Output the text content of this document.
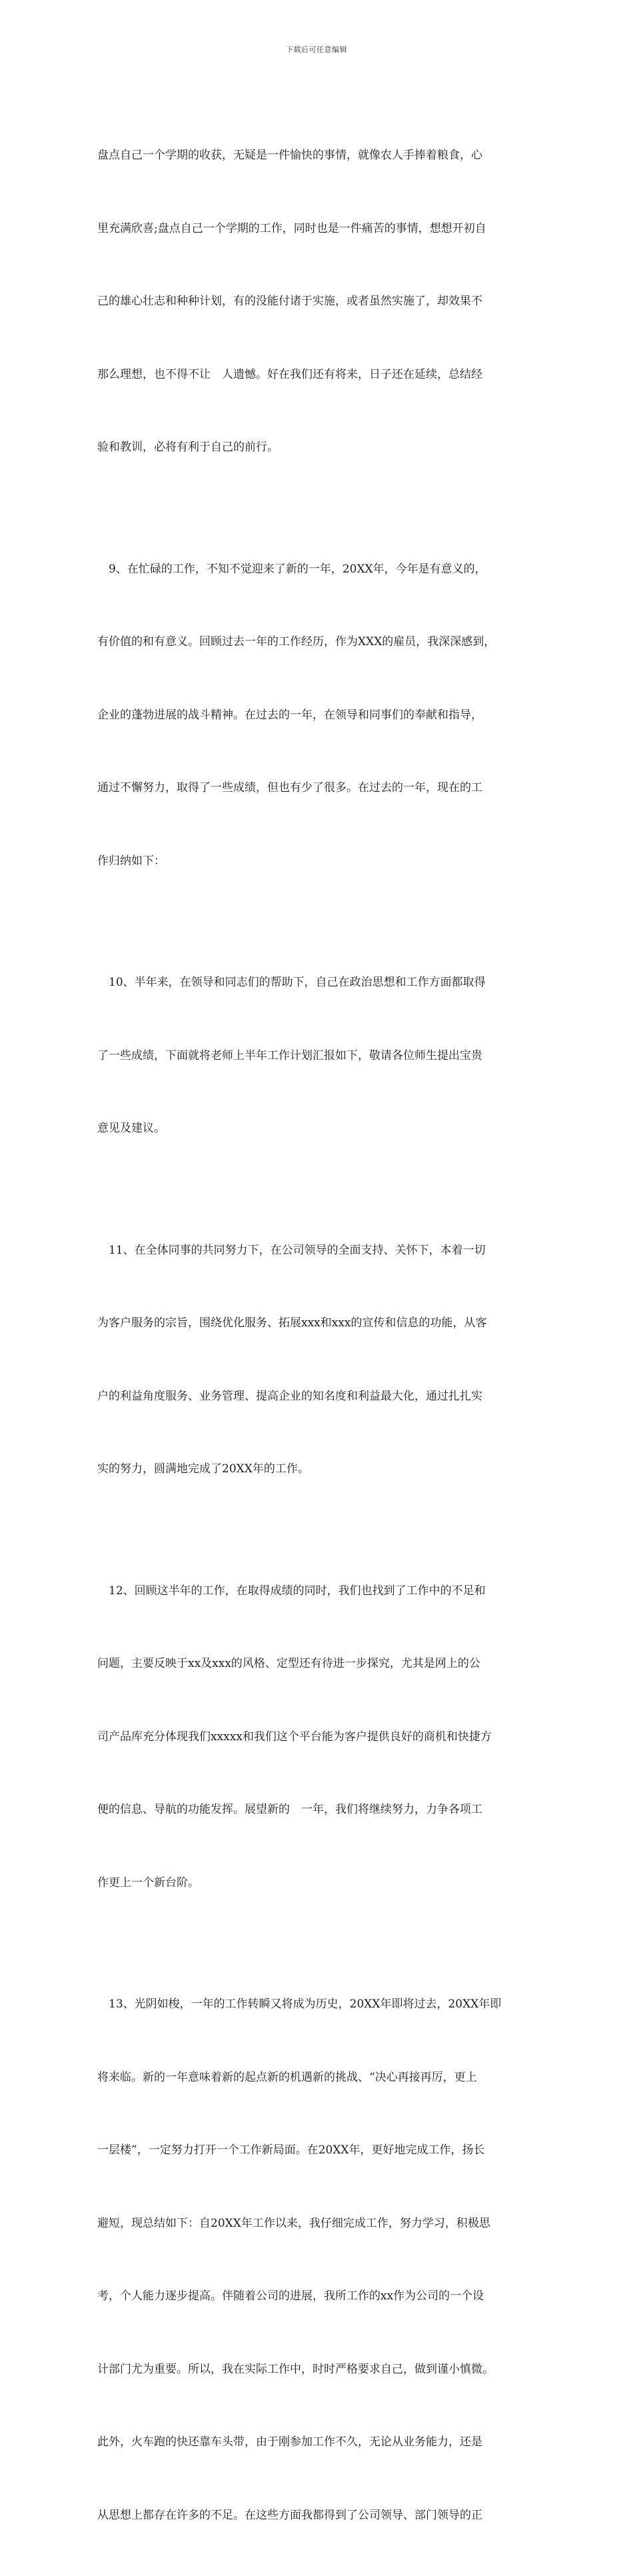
下载后可任意编辑

盘点自己一个学期的收获，无疑是一件愉快的事情，就像农人手捧着粮食，心

里充满欣喜;盘点自己一个学期的工作，同时也是一件痛苦的事情，想想开初自

己的雄心壮志和种种计划，有的没能付诸于实施，或者虽然实施了，却效果不

那么理想，也不得不让　人遗憾。好在我们还有将来，日子还在延续，总结经

验和教训，必将有利于自己的前行。

　9、在忙碌的工作，不知不觉迎来了新的一年，20XX年，今年是有意义的，

有价值的和有意义。回顾过去一年的工作经历，作为XXX的雇员，我深深感到，

企业的蓬勃进展的战斗精神。在过去的一年，在领导和同事们的奉献和指导，

通过不懈努力，取得了一些成绩，但也有少了很多。在过去的一年，现在的工

作归纳如下：

　10、半年来，在领导和同志们的帮助下，自己在政治思想和工作方面都取得

了一些成绩，下面就将老师上半年工作计划汇报如下，敬请各位师生提出宝贵

意见及建议。

　11、在全体同事的共同努力下，在公司领导的全面支持、关怀下，本着一切

为客户服务的宗旨，围绕优化服务、拓展xxx和xxx的宣传和信息的功能，从客

户的利益角度服务、业务管理、提高企业的知名度和利益最大化，通过扎扎实

实的努力，圆满地完成了20XX年的工作。

　12、回顾这半年的工作，在取得成绩的同时，我们也找到了工作中的不足和

问题，主要反映于xx及xxx的风格、定型还有待进一步探究，尤其是网上的公

司产品库充分体现我们xxxxx和我们这个平台能为客户提供良好的商机和快捷方

便的信息、导航的功能发挥。展望新的　一年，我们将继续努力，力争各项工

作更上一个新台阶。

　13、光阴如梭，一年的工作转瞬又将成为历史，20XX年即将过去，20XX年即

将来临。新的一年意味着新的起点新的机遇新的挑战、“决心再接再厉，更上

一层楼”，一定努力打开一个工作新局面。在20XX年，更好地完成工作，扬长

避短，现总结如下：自20XX年工作以来，我仔细完成工作，努力学习，积极思

考，个人能力逐步提高。伴随着公司的进展，我所工作的xx作为公司的一个设

计部门尤为重要。所以，我在实际工作中，时时严格要求自己，做到谨小慎微。

此外，火车跑的快还靠车头带，由于刚参加工作不久，无论从业务能力，还是

从思想上都存在许多的不足。在这些方面我都得到了公司领导、部门领导的正
